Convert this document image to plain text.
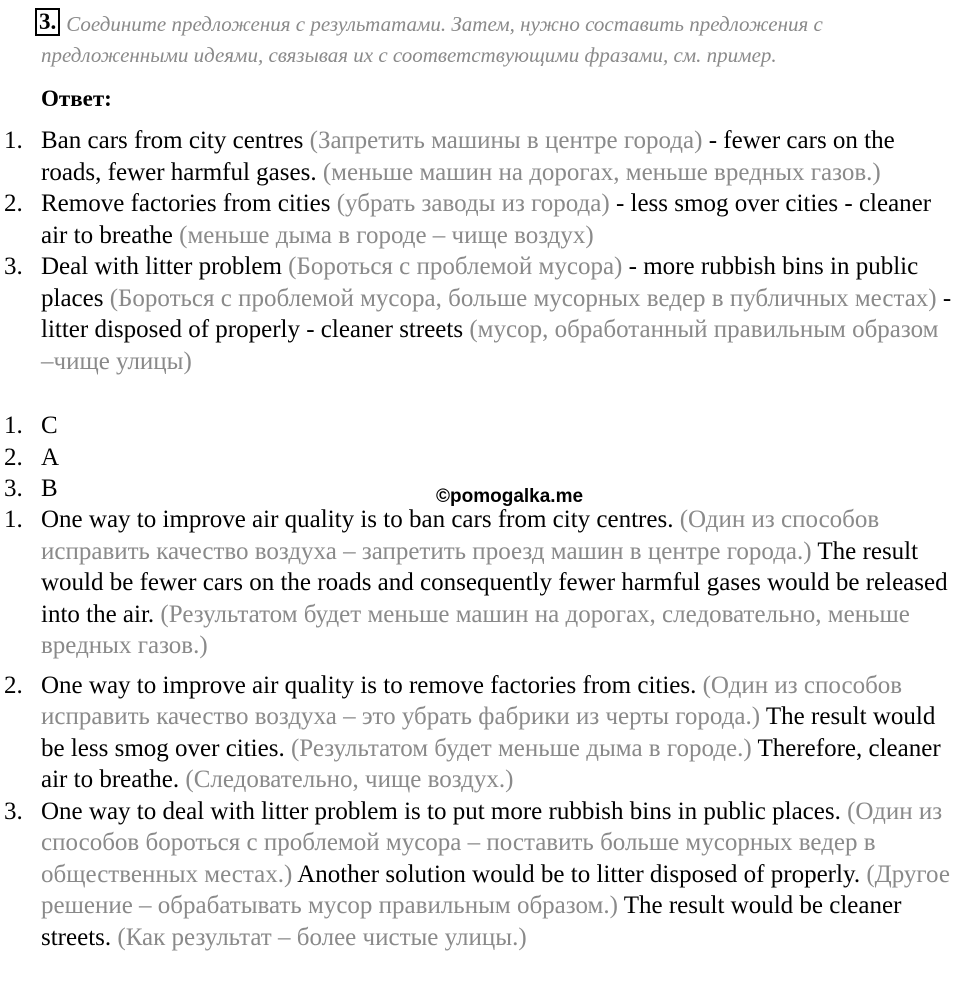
3. Соедините предложения с результатами. Затем, нужно составить предложения с
предложенными идеями, связывая их с соответствующими фразами, см. пример.
Ответ:
1. Ban cars from city centres (Запретить машины в центре города) - fewer cars on the roads, fewer harmful gases. (меньше машин на дорогах, меньше вредных газов.)
2. Remove factories from cities (убрать заводы из города) - less smog over cities - cleaner air to breathe (меньше дыма в городе – чище воздух)
3. Deal with litter problem (Бороться с проблемой мусора) - more rubbish bins in public places (Бороться с проблемой мусора, больше мусорных ведер в публичных местах) - litter disposed of properly - cleaner streets (мусор, обработанный правильным образом –чище улицы)
1. C
2. A
3. B	©pomogalka.me
1. One way to improve air quality is to ban cars from city centres. (Один из способов исправить качество воздуха – запретить проезд машин в центре города.) The result would be fewer cars on the roads and consequently fewer harmful gases would be released into the air. (Результатом будет меньше машин на дорогах, следовательно, меньше вредных газов.)
2. One way to improve air quality is to remove factories from cities. (Один из способов исправить качество воздуха – это убрать фабрики из черты города.) The result would be less smog over cities. (Результатом будет меньше дыма в городе.) Therefore, cleaner air to breathe. (Следовательно, чище воздух.)
3. One way to deal with litter problem is to put more rubbish bins in public places. (Один из способов бороться с проблемой мусора – поставить больше мусорных ведер в общественных местах.) Another solution would be to litter disposed of properly. (Другое решение – обрабатывать мусор правильным образом.) The result would be cleaner streets. (Как результат – более чистые улицы.)
